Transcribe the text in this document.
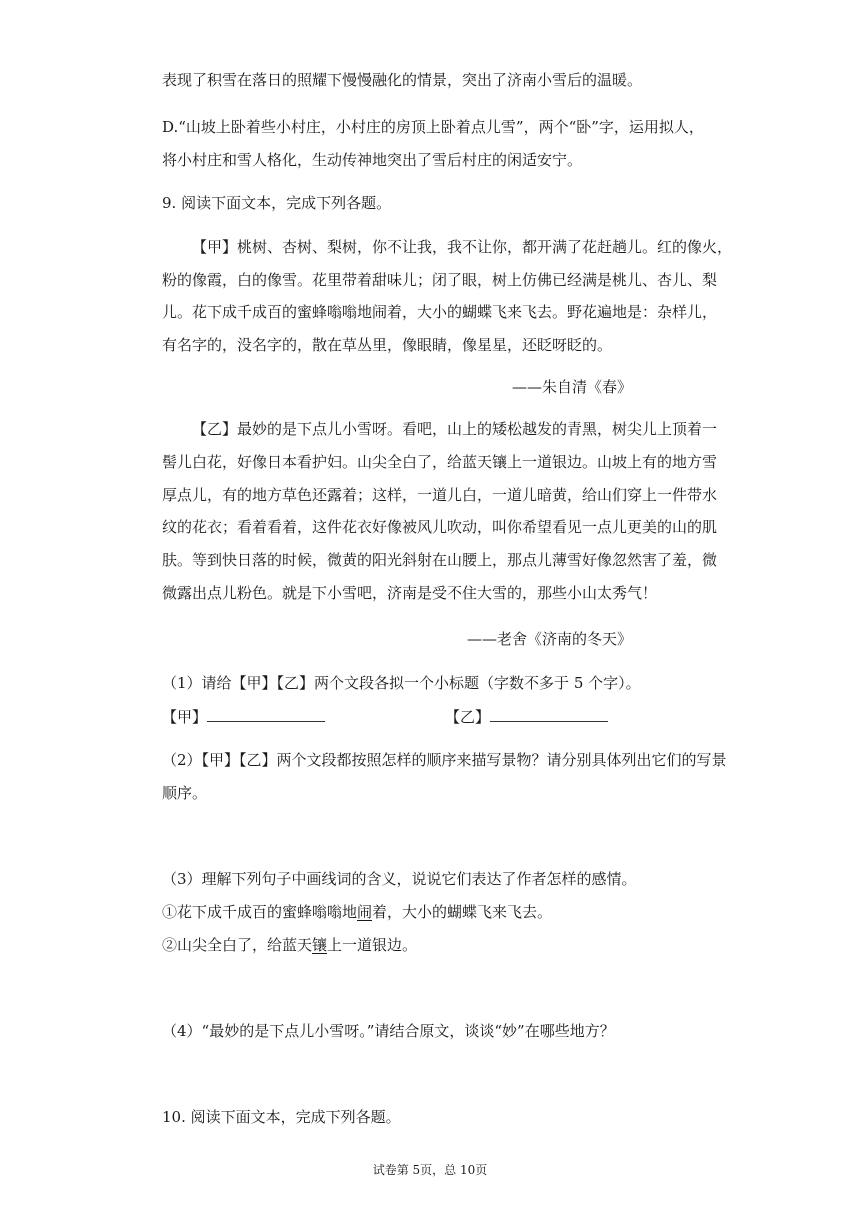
表现了积雪在落日的照耀下慢慢融化的情景，突出了济南小雪后的温暖。
D.“山坡上卧着些小村庄，小村庄的房顶上卧着点儿雪”，两个“卧”字，运用拟人，
将小村庄和雪人格化，生动传神地突出了雪后村庄的闲适安宁。
9. 阅读下面文本，完成下列各题。
【甲】桃树、杏树、梨树，你不让我，我不让你，都开满了花赶趟儿。红的像火，
粉的像霞，白的像雪。花里带着甜味儿；闭了眼，树上仿佛已经满是桃儿、杏儿、梨
儿。花下成千成百的蜜蜂嗡嗡地闹着，大小的蝴蝶飞来飞去。野花遍地是：杂样儿，
有名字的，没名字的，散在草丛里，像眼睛，像星星，还眨呀眨的。
——朱自清《春》
【乙】最妙的是下点儿小雪呀。看吧，山上的矮松越发的青黑，树尖儿上顶着一
髻儿白花，好像日本看护妇。山尖全白了，给蓝天镶上一道银边。山坡上有的地方雪
厚点儿，有的地方草色还露着；这样，一道儿白，一道儿暗黄，给山们穿上一件带水
纹的花衣；看着看着，这件花衣好像被风儿吹动，叫你希望看见一点儿更美的山的肌
肤。等到快日落的时候，微黄的阳光斜射在山腰上，那点儿薄雪好像忽然害了羞，微
微露出点儿粉色。就是下小雪吧，济南是受不住大雪的，那些小山太秀气！
——老舍《济南的冬天》
（1）请给【甲】【乙】两个文段各拟一个小标题（字数不多于 5 个字）。
【甲】	【乙】
（2）【甲】【乙】两个文段都按照怎样的顺序来描写景物？请分别具体列出它们的写景
顺序。
（3）理解下列句子中画线词的含义，说说它们表达了作者怎样的感情。
①花下成千成百的蜜蜂嗡嗡地闹着，大小的蝴蝶飞来飞去。
②山尖全白了，给蓝天镶上一道银边。
（4）“最妙的是下点儿小雪呀。”请结合原文，谈谈“妙”在哪些地方？
10. 阅读下面文本，完成下列各题。
试卷第 5页，总 10页
